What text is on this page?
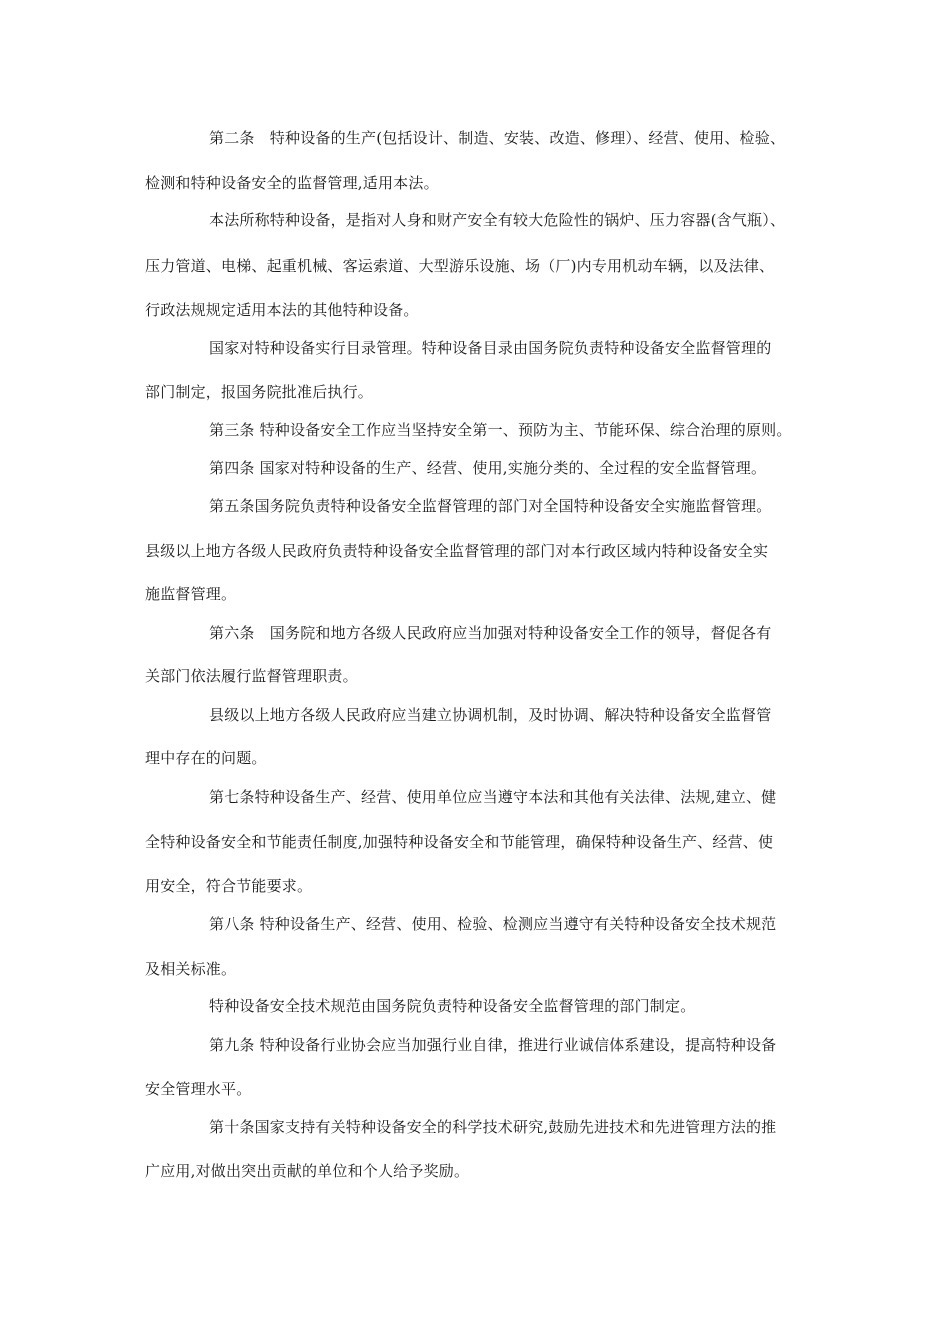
第二条　特种设备的生产(包括设计、制造、安装、改造、修理）、经营、使用、检验、
检测和特种设备安全的监督管理,适用本法。
本法所称特种设备，是指对人身和财产安全有较大危险性的锅炉、压力容器(含气瓶）、
压力管道、电梯、起重机械、客运索道、大型游乐设施、场（厂)内专用机动车辆，以及法律、
行政法规规定适用本法的其他特种设备。
国家对特种设备实行目录管理。特种设备目录由国务院负责特种设备安全监督管理的
部门制定，报国务院批准后执行。
第三条 特种设备安全工作应当坚持安全第一、预防为主、节能环保、综合治理的原则。
第四条 国家对特种设备的生产、经营、使用,实施分类的、全过程的安全监督管理。
第五条国务院负责特种设备安全监督管理的部门对全国特种设备安全实施监督管理。
县级以上地方各级人民政府负责特种设备安全监督管理的部门对本行政区域内特种设备安全实
施监督管理。
第六条　国务院和地方各级人民政府应当加强对特种设备安全工作的领导，督促各有
关部门依法履行监督管理职责。
县级以上地方各级人民政府应当建立协调机制，及时协调、解决特种设备安全监督管
理中存在的问题。
第七条特种设备生产、经营、使用单位应当遵守本法和其他有关法律、法规,建立、健
全特种设备安全和节能责任制度,加强特种设备安全和节能管理，确保特种设备生产、经营、使
用安全，符合节能要求。
第八条 特种设备生产、经营、使用、检验、检测应当遵守有关特种设备安全技术规范
及相关标准。
特种设备安全技术规范由国务院负责特种设备安全监督管理的部门制定。
第九条 特种设备行业协会应当加强行业自律，推进行业诚信体系建设，提高特种设备
安全管理水平。
第十条国家支持有关特种设备安全的科学技术研究,鼓励先进技术和先进管理方法的推
广应用,对做出突出贡献的单位和个人给予奖励。
